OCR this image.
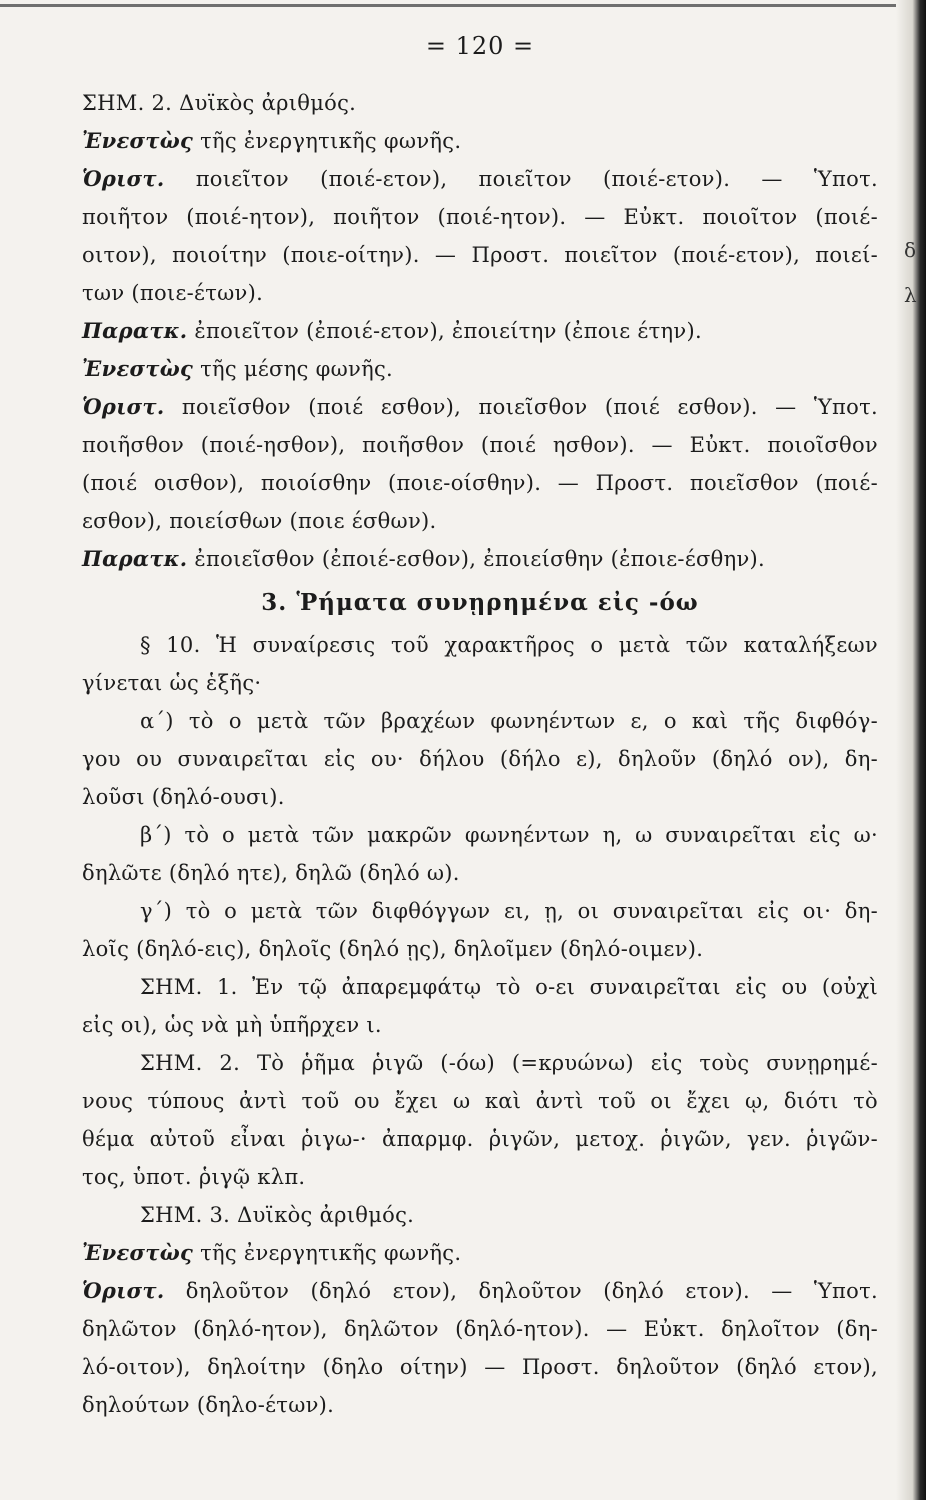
δ
λ
= 120 =
ΣΗΜ. 2. Δυϊκὸς ἀριθμός.
Ἐνεστὼς τῆς ἐνεργητικῆς φωνῆς.
Ὁριστ. ποιεῖτον (ποιέ-ετον), ποιεῖτον (ποιέ-ετον). — Ὑποτ.
ποιῆτον (ποιέ-ητον), ποιῆτον (ποιέ-ητον). — Εὐκτ. ποιοῖτον (ποιέ-
οιτον), ποιοίτην (ποιε-οίτην). — Προστ. ποιεῖτον (ποιέ-ετον), ποιεί-
των (ποιε-έτων).
Παρατκ. ἐποιεῖτον (ἐποιέ-ετον), ἐποιείτην (ἐποιε έτην).
Ἐνεστὼς τῆς μέσης φωνῆς.
Ὁριστ. ποιεῖσθον (ποιέ εσθον), ποιεῖσθον (ποιέ εσθον). — Ὑποτ.
ποιῆσθον (ποιέ-ησθον), ποιῆσθον (ποιέ ησθον). — Εὐκτ. ποιοῖσθον
(ποιέ οισθον), ποιοίσθην (ποιε-οίσθην). — Προστ. ποιεῖσθον (ποιέ-
εσθον), ποιείσθων (ποιε έσθων).
Παρατκ. ἐποιεῖσθον (ἐποιέ-εσθον), ἐποιείσθην (ἐποιε-έσθην).
3. Ῥήματα συνῃρημένα εἰς -όω
§ 10. Ἡ συναίρεσις τοῦ χαρακτῆρος ο μετὰ τῶν καταλήξεων
γίνεται ὡς ἑξῆς·
α΄) τὸ ο μετὰ τῶν βραχέων φωνηέντων ε, ο καὶ τῆς διφθόγ-
γου ου συναιρεῖται εἰς ου· δήλου (δήλο ε), δηλοῦν (δηλό ον), δη-
λοῦσι (δηλό-ουσι).
β΄) τὸ ο μετὰ τῶν μακρῶν φωνηέντων η, ω συναιρεῖται εἰς ω·
δηλῶτε (δηλό ητε), δηλῶ (δηλό ω).
γ΄) τὸ ο μετὰ τῶν διφθόγγων ει, ῃ, οι συναιρεῖται εἰς οι· δη-
λοῖς (δηλό-εις), δηλοῖς (δηλό ῃς), δηλοῖμεν (δηλό-οιμεν).
ΣΗΜ. 1. Ἐν τῷ ἀπαρεμφάτῳ τὸ ο-ει συναιρεῖται εἰς ου (οὐχὶ
εἰς οι), ὡς νὰ μὴ ὑπῆρχεν ι.
ΣΗΜ. 2. Τὸ ῥῆμα ῥιγῶ (-όω) (=κρυώνω) εἰς τοὺς συνῃρημέ-
νους τύπους ἀντὶ τοῦ ου ἔχει ω καὶ ἀντὶ τοῦ οι ἔχει ῳ, διότι τὸ
θέμα αὐτοῦ εἶναι ῥιγω-· ἀπαρμφ. ῥιγῶν, μετοχ. ῥιγῶν, γεν. ῥιγῶν-
τος, ὑποτ. ῥιγῷ κλπ.
ΣΗΜ. 3. Δυϊκὸς ἀριθμός.
Ἐνεστὼς τῆς ἐνεργητικῆς φωνῆς.
Ὁριστ. δηλοῦτον (δηλό ετον), δηλοῦτον (δηλό ετον). — Ὑποτ.
δηλῶτον (δηλό-ητον), δηλῶτον (δηλό-ητον). — Εὐκτ. δηλοῖτον (δη-
λό-οιτον), δηλοίτην (δηλο οίτην) — Προστ. δηλοῦτον (δηλό ετον),
δηλούτων (δηλο-έτων).
